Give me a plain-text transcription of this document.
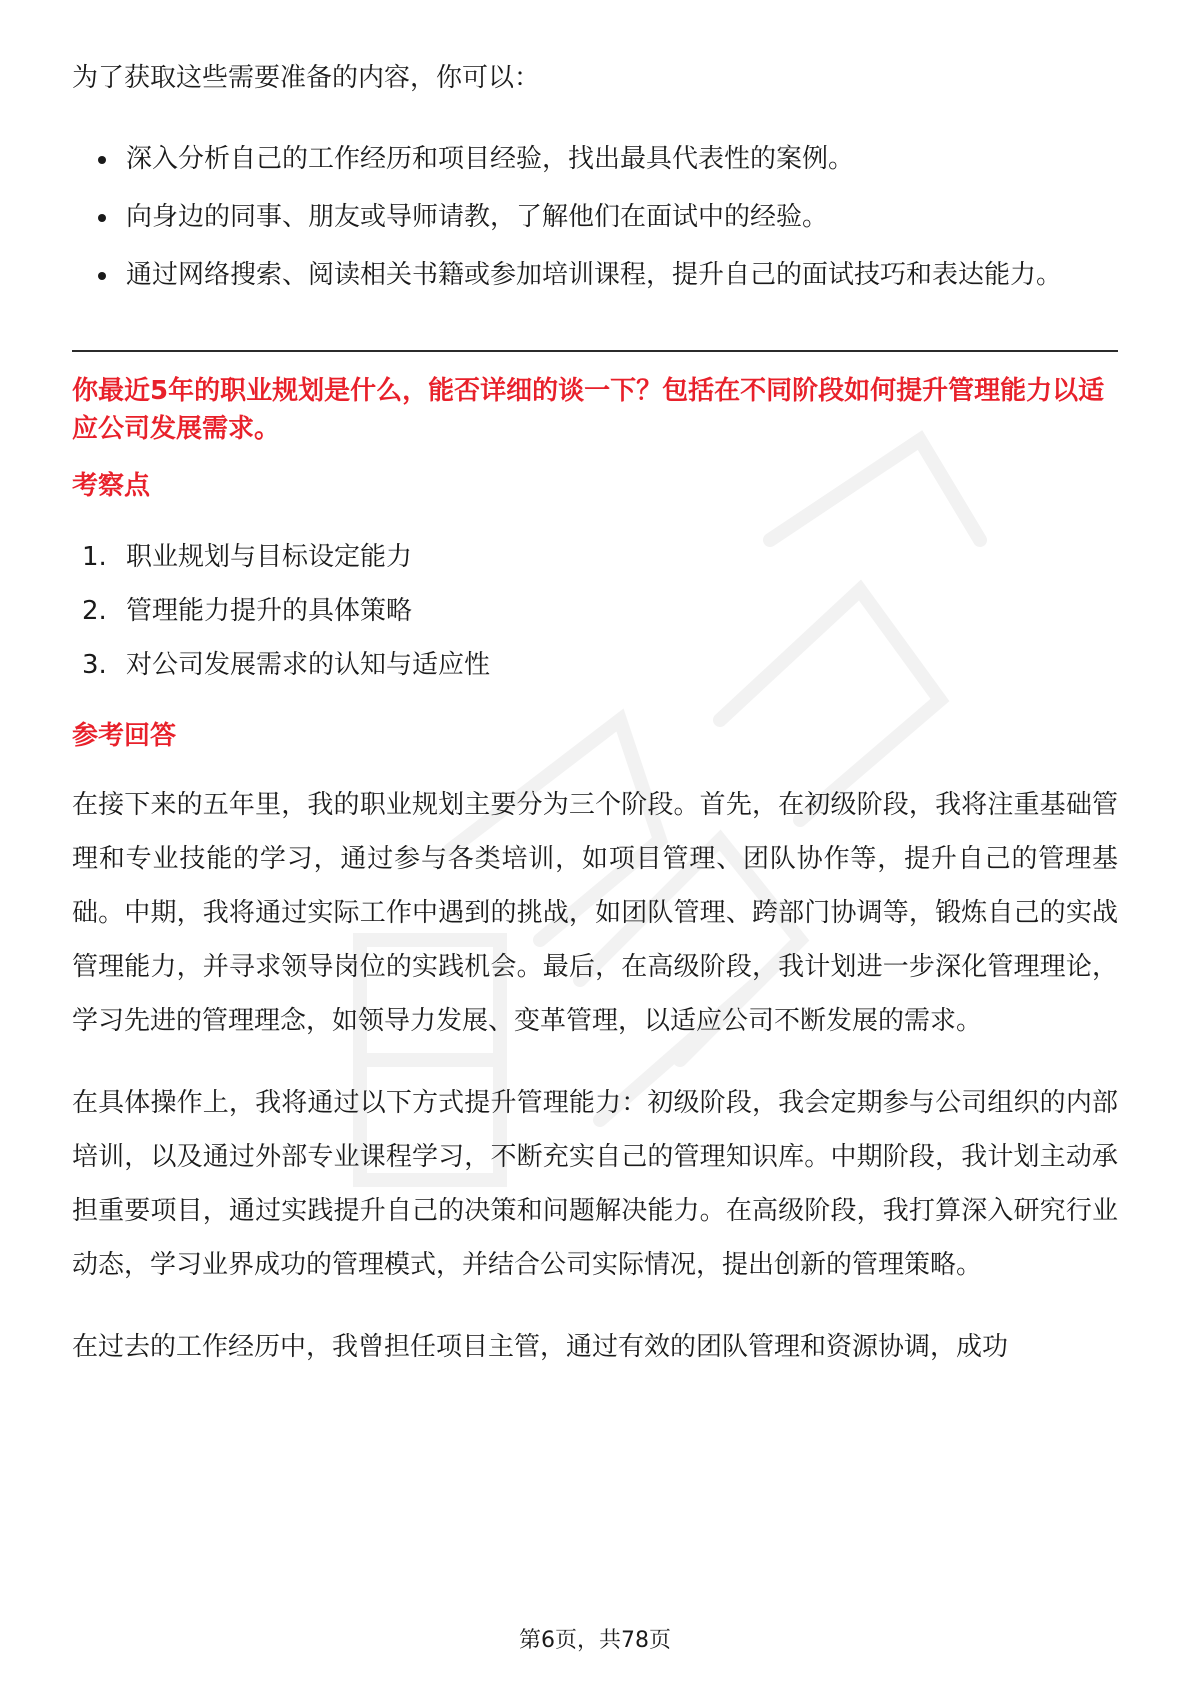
为了获取这些需要准备的内容，你可以：

深入分析自己的工作经历和项目经验，找出最具代表性的案例。
向身边的同事、朋友或导师请教，了解他们在面试中的经验。
通过网络搜索、阅读相关书籍或参加培训课程，提升自己的面试技巧和表达能力。
你最近5年的职业规划是什么，能否详细的谈一下？包括在不同阶段如何提升管理能力以适应公司发展需求。
考察点
1. 职业规划与目标设定能力
2. 管理能力提升的具体策略
3. 对公司发展需求的认知与适应性
参考回答

在接下来的五年里，我的职业规划主要分为三个阶段。首先，在初级阶段，我将注重基础管理和专业技能的学习，通过参与各类培训，如项目管理、团队协作等，提升自己的管理基础。中期，我将通过实际工作中遇到的挑战，如团队管理、跨部门协调等，锻炼自己的实战管理能力，并寻求领导岗位的实践机会。最后，在高级阶段，我计划进一步深化管理理论，学习先进的管理理念，如领导力发展、变革管理，以适应公司不断发展的需求。

在具体操作上，我将通过以下方式提升管理能力：初级阶段，我会定期参与公司组织的内部培训，以及通过外部专业课程学习，不断充实自己的管理知识库。中期阶段，我计划主动承担重要项目，通过实践提升自己的决策和问题解决能力。在高级阶段，我打算深入研究行业动态，学习业界成功的管理模式，并结合公司实际情况，提出创新的管理策略。

在过去的工作经历中，我曾担任项目主管，通过有效的团队管理和资源协调，成功

第6页，共78页
